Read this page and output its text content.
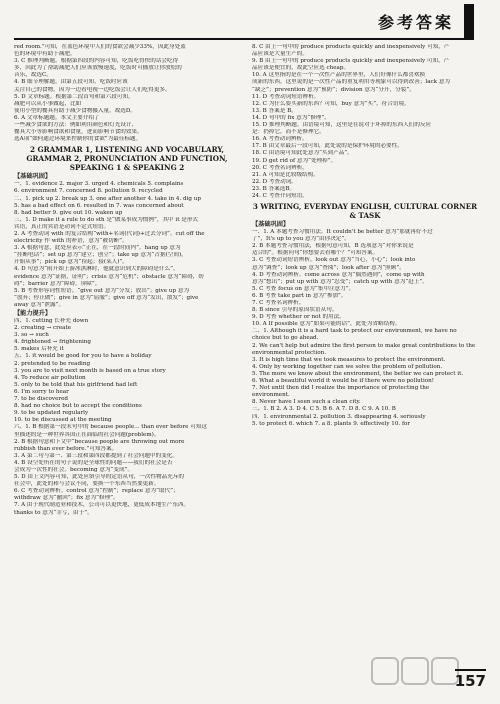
参考答案
red room.”可知，在蓝色环境中人们的食欲会减少33%，因此身处蓝
色的环境中有助于减肥。
3. C 推理判断题。根据第四段的内容可知，吃饭吃得快的话会吃得
多，因此为了帮助减肥人们应该放慢速度，吃饭时可播放让你放松的
音乐，故选C。
4. B 细节理解题。由第五段可知，吃饭时应该
关注自己的食物，因为一边看电视一边吃饭会让人们吃得更多。
5. D 文章标题。根据第二段首句和第六段可知，
减肥可以从小事做起，比如
使用小型的餐具有助于减少食物摄入量。故选D。
6. A 文章标题题。本文主要介绍了
一些减少食欲的方法：例如利用颜色和灯光设计、
餐具大小等影响食欲和食量，进而影响节食的效果。
选A项“如何通过环境来控制你的食欲”为最佳标题。
2 GRAMMAR 1, LISTENING AND VOCABULARY, GRAMMAR 2, PRONUNCIATION AND FUNCTION, SPEAKING 1 & SPEAKING 2
【基础巩固】
一、1. evidence 2. major 3. urged 4. chemicals 5. complains
6. environment 7. concerned 8. pollution 9. recycled
二、1. pick up 2. break up 3. one after another 4. take in 4. dig up
5. has a bad effect on 6. resulted in 7. was concerned about
8. had better 9. give out 10. waken up
三、1. D make it a rule to do sth 是“做某事成为惯例”，其中 it 是形式
宾语，真正的宾语是动词不定式短语。
2. A 考查动词 with 的复合结构“with+名词(代词)+过去分词”。cut off the
electricity 作 with 的补语，意为“被切断”。
3. A 根据句意，此处应表示“正在，在一段时间内”。hang up 意为
“挂断电话”；set up 意为“建立；创立”；take up 意为“占据(空间)，
开始从事”；pick up 意为“捡起；接(某人)”。
4. D 句意为“雨开始上游冰淇淋时，他就意识到大的障碍是什么”。
evidence 意为“证据，证明”；crisis 意为“危机”；obstacle 意为“障碍，妨
碍”；barrier 意为“障碍，屏障”。
5. B 考查形容词性短语。“give out 意为“分发；放出”；give up 意为
“放弃；停止做”；give in 意为“屈服”；give off 意为“发出，散发”；give
away 意为“泄露”。
【能力提升】
四、1. cutting 长补充 down
2. creating → create
3. so → such
4. frightened → frightening
5. makes 后补充 it
五、1. it would be good for you to have a holiday
2. pretended to be reading
3. you are to visit next month is based on a true story
4. To reduce air pollution
5. only to be told that his girlfriend had left
6. I'm sorry to hear
7. to be discovered
8. had no choice but to accept the conditions
9. to be updated regularly
10. to be discussed at the meeting
六、1. B 根据第一段末句中的 because people... than ever before 可知这
里描述的是一种世界各国正在面临的社会问题(problem)。
2. B 根据句意和下文中“because people are throwing out more
rubbish than ever before.”可知答案。
3. A 第二句与第一、第三段和第四段都提到了社会问题中的变化。
4. B 设空处所在的句子说的是全球性的问题——我们的社会是否
会成为一次性的社会。becoming 意为“变成”。
5. D 由上文内容可知，此处应填引导的定语从句，一次性物品充斥的
社会中，此处的和与会议不同，要换一个东西当然要更新。
6. C 考查动词辨析。control 意为“控制”；replace 意为“取代”；
withdraw 意为“撤回”；fix 意为“修理”。
7. A 由于现代制造业和技术，公司可以更快地，更低成本地生产东西。
thanks to 意为“幸亏，由于”。
8. C 由上一句中的 produce products quickly and inexpensively 可知，产
品应该是大量生产的。
9. B 由上一句中的 produce products quickly and inexpensively 可知，产
品应该是便宜的，故此空应选 cheap。
10. A 这里指的是在一个一次性产品的世界里，人们好像什么都喜欢换
成新的东西。这里说的是一次性产品的重复利用等现象可以得到改善；lack 意为
“缺乏”；prevention 意为“预防”；division 意为“分开，分裂”。
11. D 考查动词短语辨析。
12. C 为什么要买新的东西？可知，buy 意为“买”，符合语境。
13. B 答案是 B。
14. D 句中的 fix 意为“修理”。
15. D 推理判断题。由语境可知，这里是在说对于坏掉的东西人们的反应
是：扔掉它，而不是修理它。
16. A 考查动词辨析。
17. B 由文章最后一段可知，此处说的是保护环境的必要性。
18. C 由语境可知此处意为“买到产品”。
19. D get rid of 意为“处理掉”。
20. C 考查名词辨析。
21. A 可知是比较级结构。
22. D 考查动词。
23. B 答案选B。
24. C 考查介词短语。
3 WRITING, EVERYDAY ENGLISH, CULTURAL CORNER & TASK
【基础巩固】
一、1. A 本题考查习惯用法。It couldn't be better 意为“那就再好不过
了”，It's up to you 意为“由你决定”。
2. B 本题考查习惯用法，根据句意可知，B 选项意为“对你来说是
适合的”。根据问句“你想要去看哪个？”可知答案。
3. C 考查动词短语辨析。look out 意为“当心，小心”；look into
意为“调查”；look up 意为“查阅”；look after 意为“照顾”。
4. D 考查动词辨析。come across 意为“偶然遇到”，come up with
意为“想出”；put up with 意为“忍受”；catch up with 意为“赶上”。
5. C 考查 focus on 意为“集中注意力”。
6. B 考查 take part in 意为“参加”。
7. C 考查名词辨析。
8. B since 引导的原因状语从句。
9. D 考查 whether or not 的用法。
10. A If possible 意为“如果可能的话”，此处为省略结构。
二、1. Although it is a hard task to protect our environment, we have no
choice but to go ahead.
2. We can't help but admire the first person to make great contributions to the
environmental protection.
3. It is high time that we took measures to protect the environment.
4. Only by working together can we solve the problem of pollution.
5. The more we know about the environment, the better we can protect it.
6. What a beautiful world it would be if there were no pollution!
7. Not until then did I realize the importance of protecting the
environment.
8. Never have I seen such a clean city.
三、1. B 2. A 3. D 4. C 5. B 6. A 7. D 8. C 9. A 10. B
四、1. environmental 2. pollution 3. disappearing 4. seriously
5. to protect 6. which 7. a 8. plants 9. effectively 10. for
157
